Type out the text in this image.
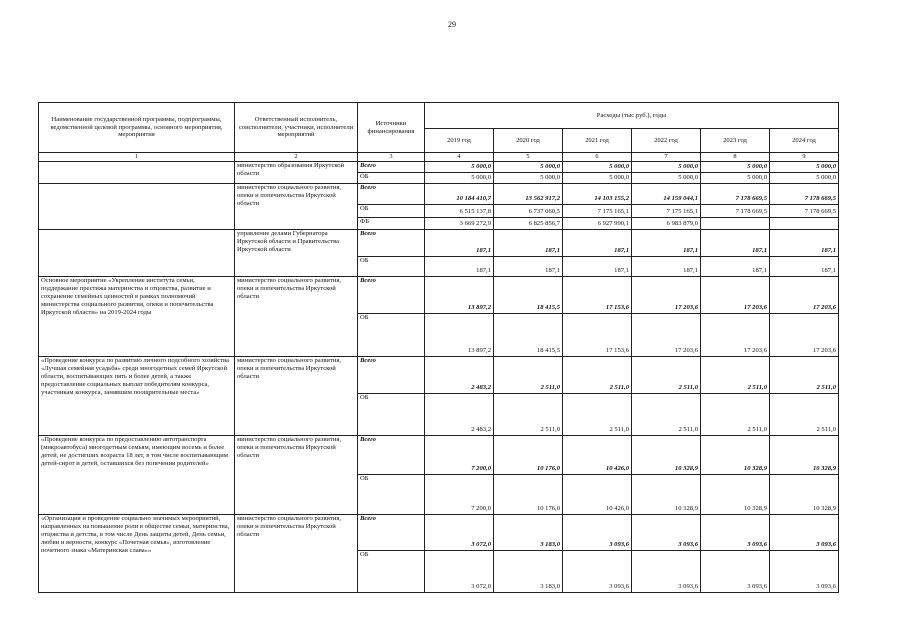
29
Наименование государственной программы, подпрограммы, ведомственной целевой программы, основного мероприятия, мероприятия	Ответственный исполнитель, соисполнители, участники, исполнители мероприятий	Источники финансирования	Расходы (тыс.руб.), годы					
			2019 год	2020 год	2021 год	2022 год	2023 год	2024 год
1	2	3	4	5	6	7	8	9
	министерство образования Иркутской области	Всего	5 000,0	5 000,0	5 000,0	5 000,0	5 000,0	5 000,0
		ОБ	5 000,0	5 000,0	5 000,0	5 000,0	5 000,0	5 000,0
	министерство социального развития, опеки и попечительства Иркутской области	Всего	10 184 410,7	13 562 917,2	14 103 155,2	14 159 044,1	7 178 669,5	7 178 669,5
		ОБ	6 515 137,8	6 737 060,5	7 175 165,1	7 175 165,1	7 178 669,5	7 178 669,5
		ФБ	3 669 272,9	6 825 856,7	6 927 990,1	6 983 879,0		
	управление делами Губернатора Иркутской области и Правительства Иркутской области	Всего	187,1	187,1	187,1	187,1	187,1	187,1
		ОБ	187,1	187,1	187,1	187,1	187,1	187,1
Основное мероприятие «Укрепление института семьи, поддержание престижа материнства и отцовства, развитие и сохранение семейных ценностей в рамках полномочий министерства социального развития, опеки и попечительства Иркутской области» на 2019-2024 годы	министерство социального развития, опеки и попечительства Иркутской области	Всего	13 897,2	18 415,5	17 153,6	17 203,6	17 203,6	17 203,6
		ОБ	13 897,2	18 415,5	17 153,6	17 203,6	17 203,6	17 203,6
«Проведение конкурса по развитию личного подсобного хозяйства «Лучшая семейная усадьба» среди многодетных семей Иркутской области, воспитывающих пять и более детей, а также предоставление социальных выплат победителям конкурса, участникам конкурса, занявшим поощрительные места»	министерство социального развития, опеки и попечительства Иркутской области	Всего	2 483,2	2 511,0	2 511,0	2 511,0	2 511,0	2 511,0
		ОБ	2 483,2	2 511,0	2 511,0	2 511,0	2 511,0	2 511,0
«Проведение конкурса по предоставлению автотранспорта (микроавтобуса) многодетным семьям, имеющим восемь и более детей, не достигших возраста 18 лет, в том числе воспитывающим детей-сирот и детей, оставшихся без попечения родителей»	министерство социального развития, опеки и попечительства Иркутской области	Всего	7 200,0	10 176,0	10 426,0	10 328,9	10 328,9	10 328,9
		ОБ	7 200,0	10 176,0	10 426,0	10 328,9	10 328,9	10 328,9
«Организация и проведение социально значимых мероприятий, направленных на повышение роли в обществе семьи, материнства, отцовства и детства, в том числе День защиты детей, День семьи, любви и верности, конкурс «Почетная семья», изготовление почетного знака «Материнская слава»»	министерство социального развития, опеки и попечительства Иркутской области	Всего	3 072,0	3 183,0	3 093,6	3 093,6	3 093,6	3 093,6
		ОБ	3 072,0	3 183,0	3 093,6	3 093,6	3 093,6	3 093,6
